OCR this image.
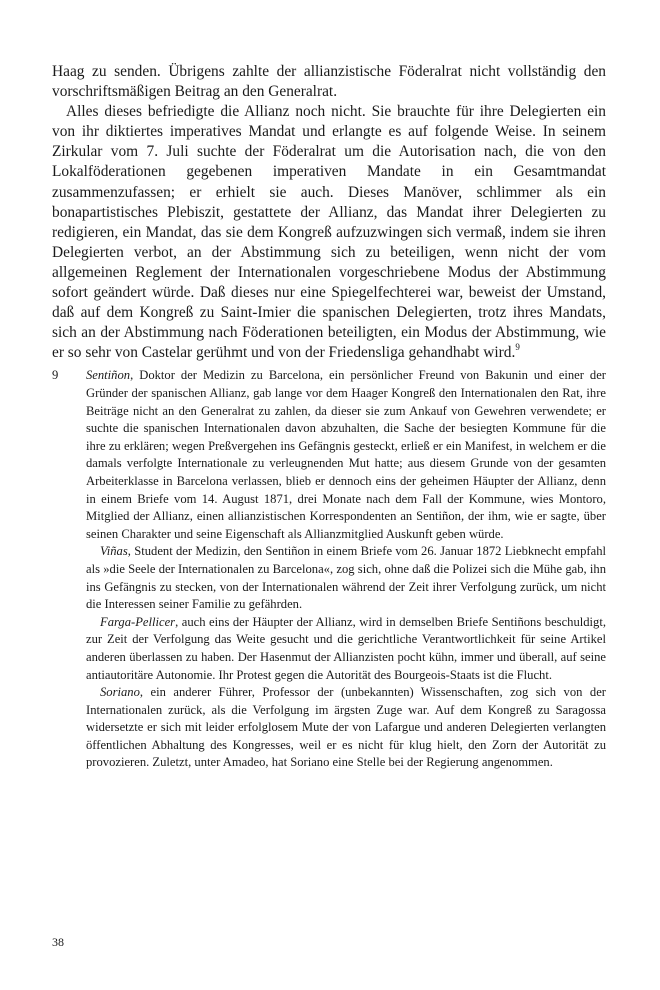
Haag zu senden. Übrigens zahlte der allianzistische Föderalrat nicht vollständig den vorschriftsmäßigen Beitrag an den Generalrat.

Alles dieses befriedigte die Allianz noch nicht. Sie brauchte für ihre Delegierten ein von ihr diktiertes imperatives Mandat und erlangte es auf folgende Weise. In seinem Zirkular vom 7. Juli suchte der Föderalrat um die Autorisation nach, die von den Lokalföderationen gegebenen imperativen Mandate in ein Gesamtmandat zusammenzufassen; er erhielt sie auch. Dieses Manöver, schlimmer als ein bonapartistisches Plebiszit, gestattete der Allianz, das Mandat ihrer Delegierten zu redigieren, ein Mandat, das sie dem Kongreß aufzuzwingen sich vermaß, indem sie ihren Delegierten verbot, an der Abstimmung sich zu beteiligen, wenn nicht der vom allgemeinen Reglement der Internationalen vorgeschriebene Modus der Abstimmung sofort geändert würde. Daß dieses nur eine Spiegelfechterei war, beweist der Umstand, daß auf dem Kongreß zu Saint-Imier die spanischen Delegierten, trotz ihres Mandats, sich an der Abstimmung nach Föderationen beteiligten, ein Modus der Abstimmung, wie er so sehr von Castelar gerühmt und von der Friedensliga gehandhabt wird.$^9$

9 Sentiñon, Doktor der Medizin zu Barcelona, ein persönlicher Freund von Bakunin und einer der Gründer der spanischen Allianz, gab lange vor dem Haager Kongreß den Internationalen den Rat, ihre Beiträge nicht an den Generalrat zu zahlen, da dieser sie zum Ankauf von Gewehren verwendete; er suchte die spanischen Internationalen davon abzuhalten, die Sache der besiegten Kommune für die ihre zu erklären; wegen Preßvergehen ins Gefängnis gesteckt, erließ er ein Manifest, in welchem er die damals verfolgte Internationale zu verleugnenden Mut hatte; aus diesem Grunde von der gesamten Arbeiterklasse in Barcelona verlassen, blieb er dennoch eins der geheimen Häupter der Allianz, denn in einem Briefe vom 14. August 1871, drei Monate nach dem Fall der Kommune, wies Montoro, Mitglied der Allianz, einen allianzistischen Korrespondenten an Sentiñon, der ihm, wie er sagte, über seinen Charakter und seine Eigenschaft als Allianzmitglied Auskunft geben würde.

Viñas, Student der Medizin, den Sentiñon in einem Briefe vom 26. Januar 1872 Liebknecht empfahl als »die Seele der Internationalen zu Barcelona«, zog sich, ohne daß die Polizei sich die Mühe gab, ihn ins Gefängnis zu stecken, von der Internationalen während der Zeit ihrer Verfolgung zurück, um nicht die Interessen seiner Familie zu gefährden.

Farga-Pellicer, auch eins der Häupter der Allianz, wird in demselben Briefe Sentiñons beschuldigt, zur Zeit der Verfolgung das Weite gesucht und die gerichtliche Verantwortlichkeit für seine Artikel anderen überlassen zu haben. Der Hasenmut der Allianzisten pocht kühn, immer und überall, auf seine antiautoritäre Autonomie. Ihr Protest gegen die Autorität des Bourgeois-Staats ist die Flucht.

Soriano, ein anderer Führer, Professor der (unbekannten) Wissenschaften, zog sich von der Internationalen zurück, als die Verfolgung im ärgsten Zuge war. Auf dem Kongreß zu Saragossa widersetzte er sich mit leider erfolglosem Mute der von Lafargue und anderen Delegierten verlangten öffentlichen Abhaltung des Kongresses, weil er es nicht für klug hielt, den Zorn der Autorität zu provozieren. Zuletzt, unter Amadeo, hat Soriano eine Stelle bei der Regierung angenommen.

38
